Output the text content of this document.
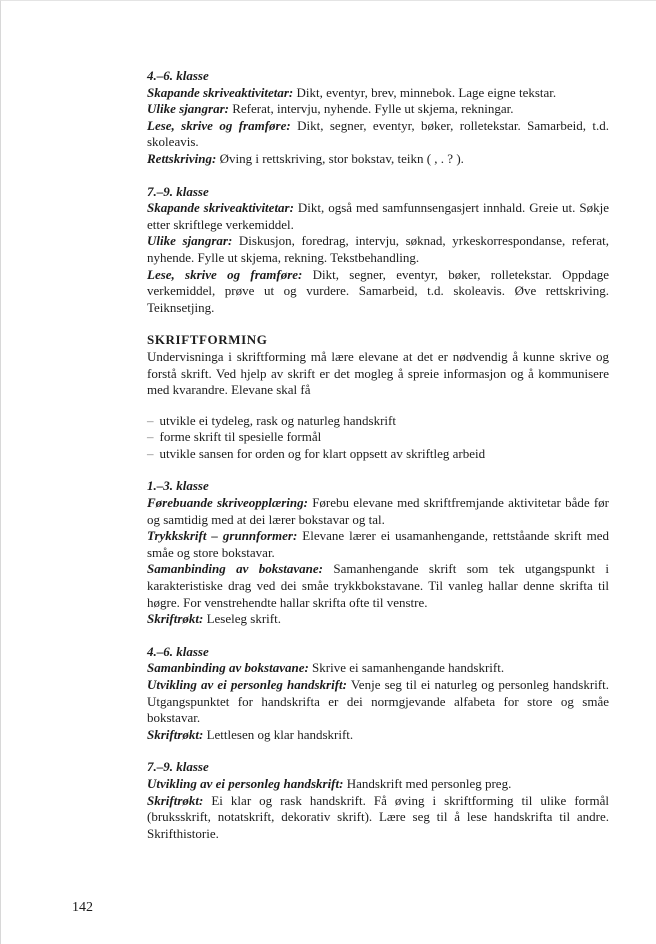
4.–6. klasse

Skapande skriveaktivitetar: Dikt, eventyr, brev, minnebok. Lage eigne tekstar.

Ulike sjangrar: Referat, intervju, nyhende. Fylle ut skjema, rekningar.

Lese, skrive og framføre: Dikt, segner, eventyr, bøker, rolletekstar. Samarbeid, t.d. skoleavis.

Rettskriving: Øving i rettskriving, stor bokstav, teikn ( , . ? ).

7.–9. klasse

Skapande skriveaktivitetar: Dikt, også med samfunnsengasjert innhald. Greie ut. Søkje etter skriftlege verkemiddel.

Ulike sjangrar: Diskusjon, foredrag, intervju, søknad, yrkeskorrespondanse, referat, nyhende. Fylle ut skjema, rekning. Tekstbehandling.

Lese, skrive og framføre: Dikt, segner, eventyr, bøker, rolletekstar. Oppdage verkemiddel, prøve ut og vurdere. Samarbeid, t.d. skoleavis. Øve rettskriving. Teiknsetjing.

SKRIFTFORMING

Undervisninga i skriftforming må lære elevane at det er nødvendig å kunne skrive og forstå skrift. Ved hjelp av skrift er det mogleg å spreie informasjon og å kommunisere med kvarandre. Elevane skal få

– utvikle ei tydeleg, rask og naturleg handskrift
– forme skrift til spesielle formål
– utvikle sansen for orden og for klart oppsett av skriftleg arbeid

1.–3. klasse

Førebuande skriveopplæring: Førebu elevane med skriftfremjande aktivitetar både før og samtidig med at dei lærer bokstavar og tal.

Trykkskrift – grunnformer: Elevane lærer ei usamanhengande, rettståande skrift med småe og store bokstavar.

Samanbinding av bokstavane: Samanhengande skrift som tek utgangspunkt i karakteristiske drag ved dei småe trykkbokstavane. Til vanleg hallar denne skrifta til høgre. For venstrehendte hallar skrifta ofte til venstre.

Skriftrøkt: Leseleg skrift.

4.–6. klasse

Samanbinding av bokstavane: Skrive ei samanhengande handskrift.

Utvikling av ei personleg handskrift: Venje seg til ei naturleg og personleg handskrift. Utgangspunktet for handskrifta er dei normgjevande alfabeta for store og småe bokstavar.

Skriftrøkt: Lettlesen og klar handskrift.

7.–9. klasse

Utvikling av ei personleg handskrift: Handskrift med personleg preg.

Skriftrøkt: Ei klar og rask handskrift. Få øving i skriftforming til ulike formål (bruksskrift, notatskrift, dekorativ skrift). Lære seg til å lese handskrifta til andre. Skrifthistorie.

142
